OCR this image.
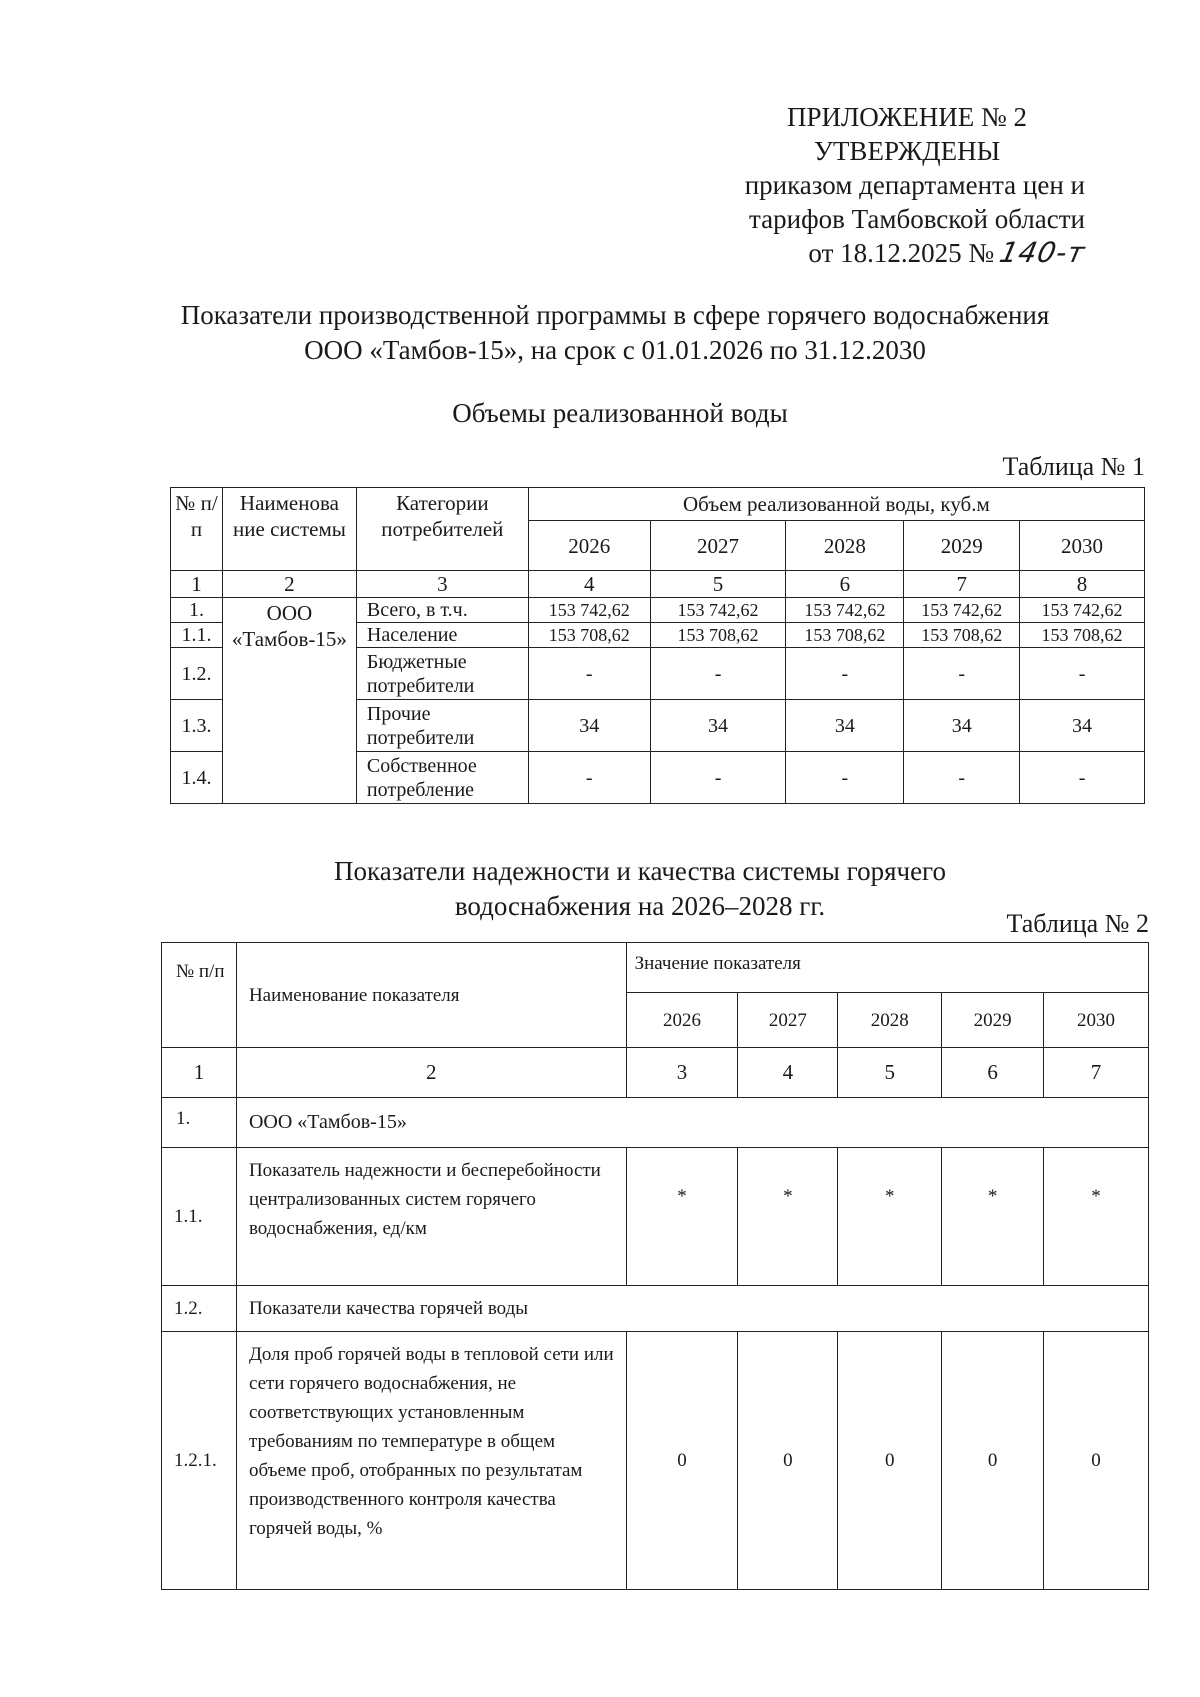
ПРИЛОЖЕНИЕ № 2
УТВЕРЖДЕНЫ
приказом департамента цен и
тарифов Тамбовской области
от 18.12.2025 №140-т
Показатели производственной программы в сфере горячего водоснабжения
ООО «Тамбов-15», на срок с 01.01.2026 по 31.12.2030
Объемы реализованной воды
Таблица № 1
№ п/п	Наименова ние системы	Категории потребителей	Объем реализованной воды, куб.м				
			2026	2027	2028	2029	2030
1	2	3	4	5	6	7	8
1.	ООО «Тамбов-15»	Всего, в т.ч.	153 742,62	153 742,62	153 742,62	153 742,62	153 742,62
1.1.		Население	153 708,62	153 708,62	153 708,62	153 708,62	153 708,62
1.2.		Бюджетные потребители	-	-	-	-	-
1.3.		Прочие потребители	34	34	34	34	34
1.4.		Собственное потребление	-	-	-	-	-
Показатели надежности и качества системы горячего
водоснабжения на 2026–2028 гг.
Таблица № 2
№ п/п	Наименование показателя	Значение показателя				
		2026	2027	2028	2029	2030
1	2	3	4	5	6	7
1.	ООО «Тамбов-15»					
1.1.	Показатель надежности и бесперебойности централизованных систем горячего водоснабжения, ед/км	*	*	*	*	*
1.2.	Показатели качества горячей воды					
1.2.1.	Доля проб горячей воды в тепловой сети или сети горячего водоснабжения, не соответствующих установленным требованиям по температуре в общем объеме проб, отобранных по результатам производственного контроля качества горячей воды, %	0	0	0	0	0
